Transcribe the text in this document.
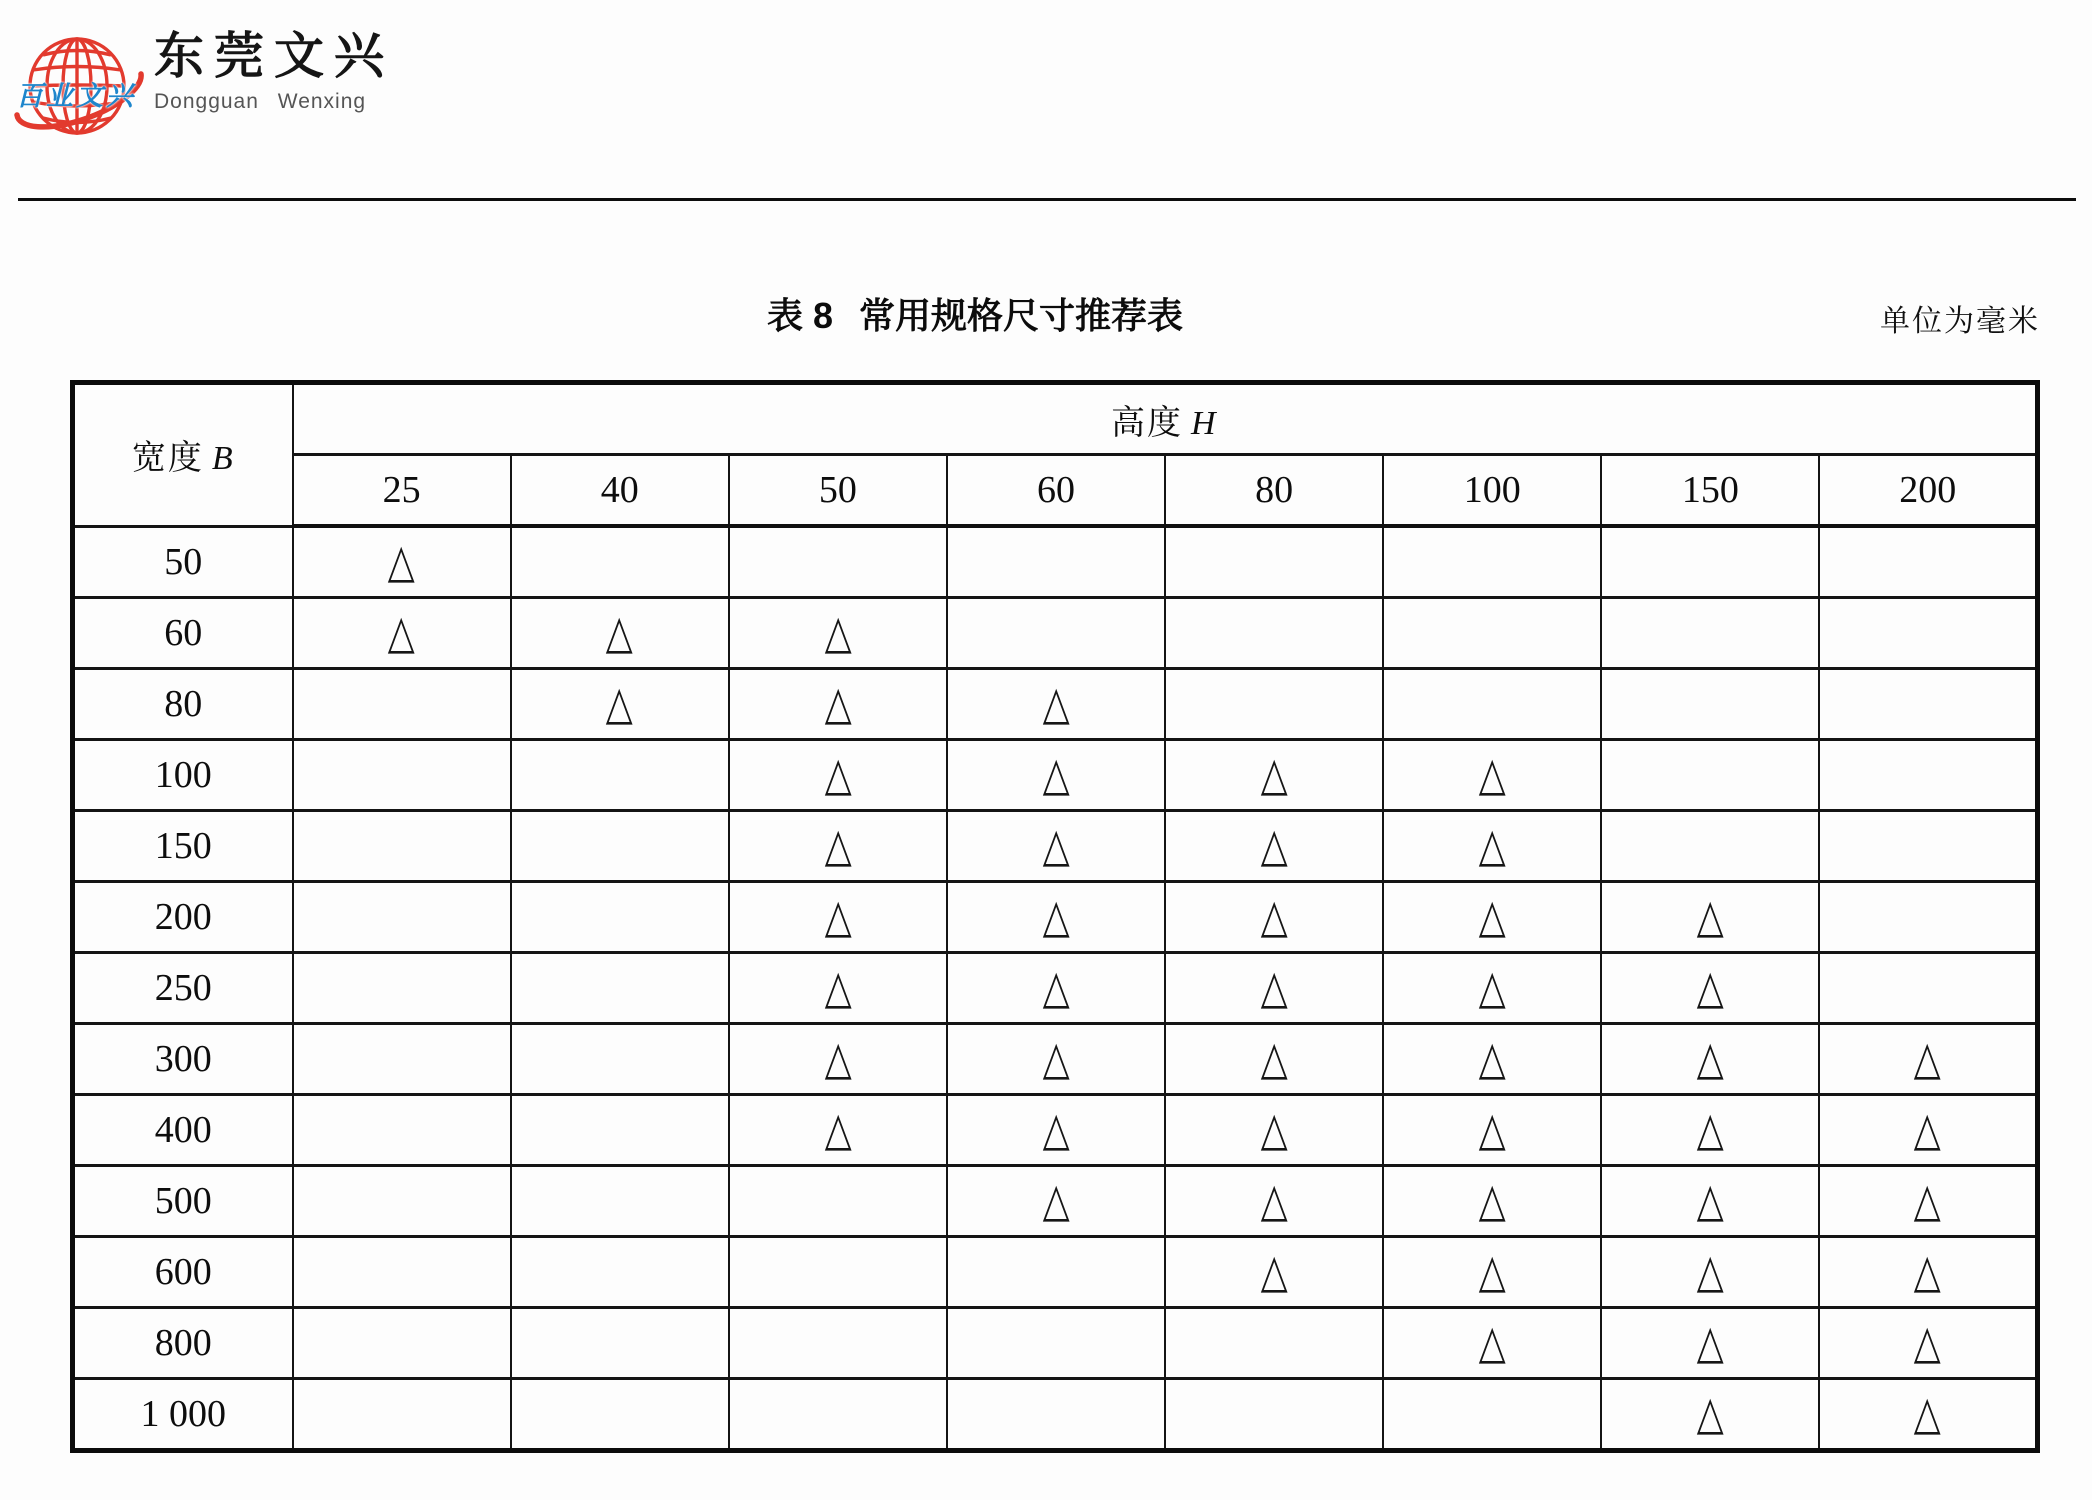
百业文兴
东莞文兴
Dongguan Wenxing
表 8 常用规格尺寸推荐表	单位为毫米
宽度 B	高度 H							
	25	40	50	60	80	100	150	200
50	△							
60	△	△	△					
80		△	△	△				
100			△	△	△	△		
150			△	△	△	△		
200			△	△	△	△	△	
250			△	△	△	△	△	
300			△	△	△	△	△	△
400			△	△	△	△	△	△
500				△	△	△	△	△
600					△	△	△	△
800						△	△	△
1 000							△	△
